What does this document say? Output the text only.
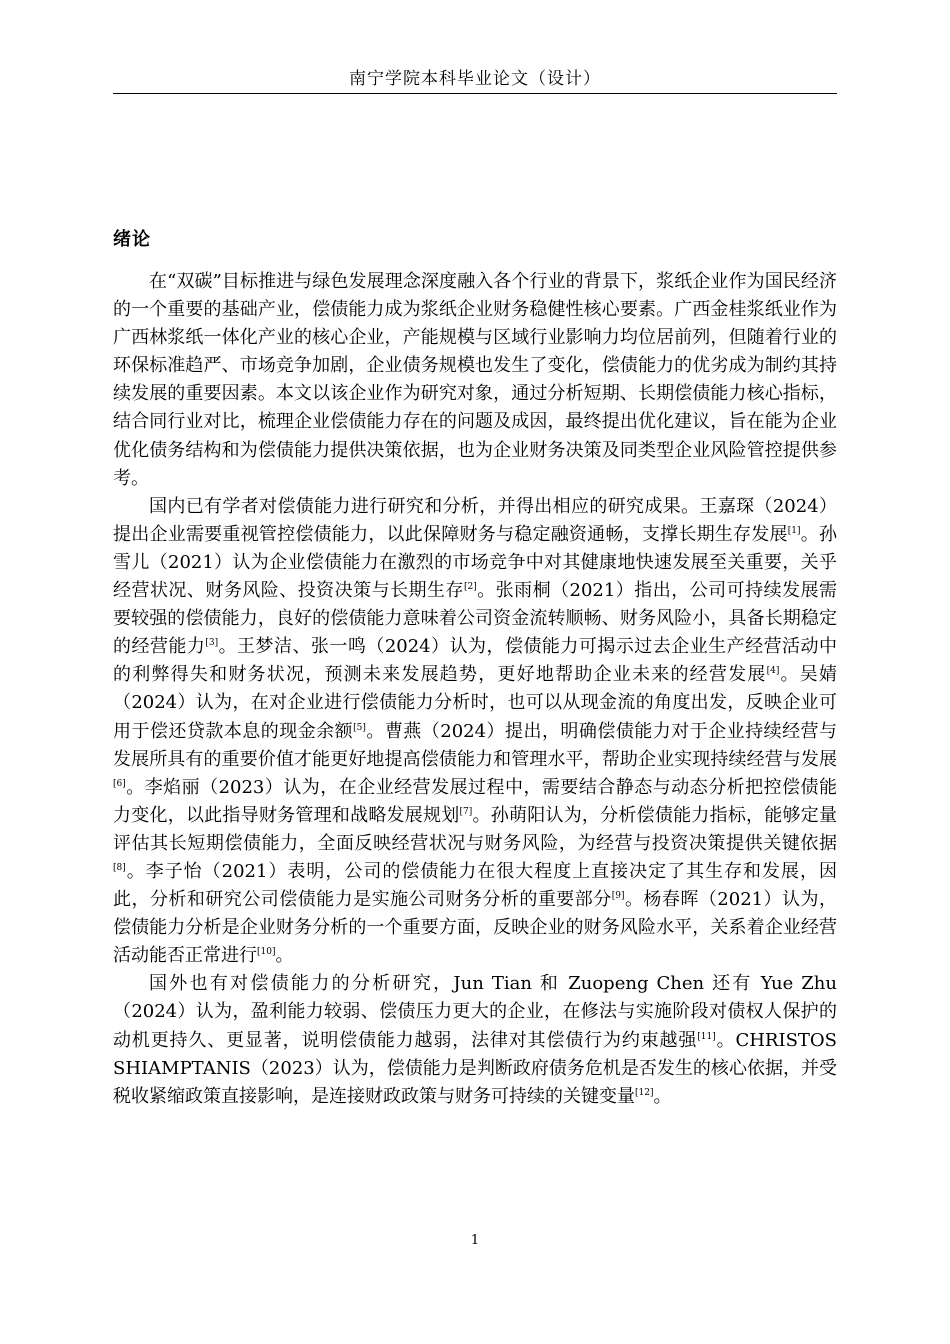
南宁学院本科毕业论文（设计）
绪论

在“双碳”目标推进与绿色发展理念深度融入各个行业的背景下，浆纸企业作为国民经济的一个重要的基础产业，偿债能力成为浆纸企业财务稳健性核心要素。广西金桂浆纸业作为广西林浆纸一体化产业的核心企业，产能规模与区域行业影响力均位居前列，但随着行业的环保标准趋严、市场竞争加剧，企业债务规模也发生了变化，偿债能力的优劣成为制约其持续发展的重要因素。本文以该企业作为研究对象，通过分析短期、长期偿债能力核心指标，结合同行业对比，梳理企业偿债能力存在的问题及成因，最终提出优化建议，旨在能为企业优化债务结构和为偿债能力提供决策依据，也为企业财务决策及同类型企业风险管控提供参考。

国内已有学者对偿债能力进行研究和分析，并得出相应的研究成果。王嘉琛（2024）提出企业需要重视管控偿债能力，以此保障财务与稳定融资通畅，支撑长期生存发展[1]。孙雪儿（2021）认为企业偿债能力在激烈的市场竞争中对其健康地快速发展至关重要，关乎经营状况、财务风险、投资决策与长期生存[2]。张雨桐（2021）指出，公司可持续发展需要较强的偿债能力，良好的偿债能力意味着公司资金流转顺畅、财务风险小，具备长期稳定的经营能力[3]。王梦洁、张一鸣（2024）认为，偿债能力可揭示过去企业生产经营活动中的利弊得失和财务状况，预测未来发展趋势，更好地帮助企业未来的经营发展[4]。吴婧（2024）认为，在对企业进行偿债能力分析时，也可以从现金流的角度出发，反映企业可用于偿还贷款本息的现金余额[5]。曹燕（2024）提出，明确偿债能力对于企业持续经营与发展所具有的重要价值才能更好地提高偿债能力和管理水平，帮助企业实现持续经营与发展[6]。李焰丽（2023）认为，在企业经营发展过程中，需要结合静态与动态分析把控偿债能力变化，以此指导财务管理和战略发展规划[7]。孙萌阳认为，分析偿债能力指标，能够定量评估其长短期偿债能力，全面反映经营状况与财务风险，为经营与投资决策提供关键依据[8]。李子怡（2021）表明，公司的偿债能力在很大程度上直接决定了其生存和发展，因此，分析和研究公司偿债能力是实施公司财务分析的重要部分[9]。杨春晖（2021）认为，偿债能力分析是企业财务分析的一个重要方面，反映企业的财务风险水平，关系着企业经营活动能否正常进行[10]。

国外也有对偿债能力的分析研究，Jun Tian 和 Zuopeng Chen 还有 Yue Zhu（2024）认为，盈利能力较弱、偿债压力更大的企业，在修法与实施阶段对债权人保护的动机更持久、更显著，说明偿债能力越弱，法律对其偿债行为约束越强[11]。CHRISTOS SHIAMPTANIS（2023）认为，偿债能力是判断政府债务危机是否发生的核心依据，并受税收紧缩政策直接影响，是连接财政政策与财务可持续的关键变量[12]。

1
